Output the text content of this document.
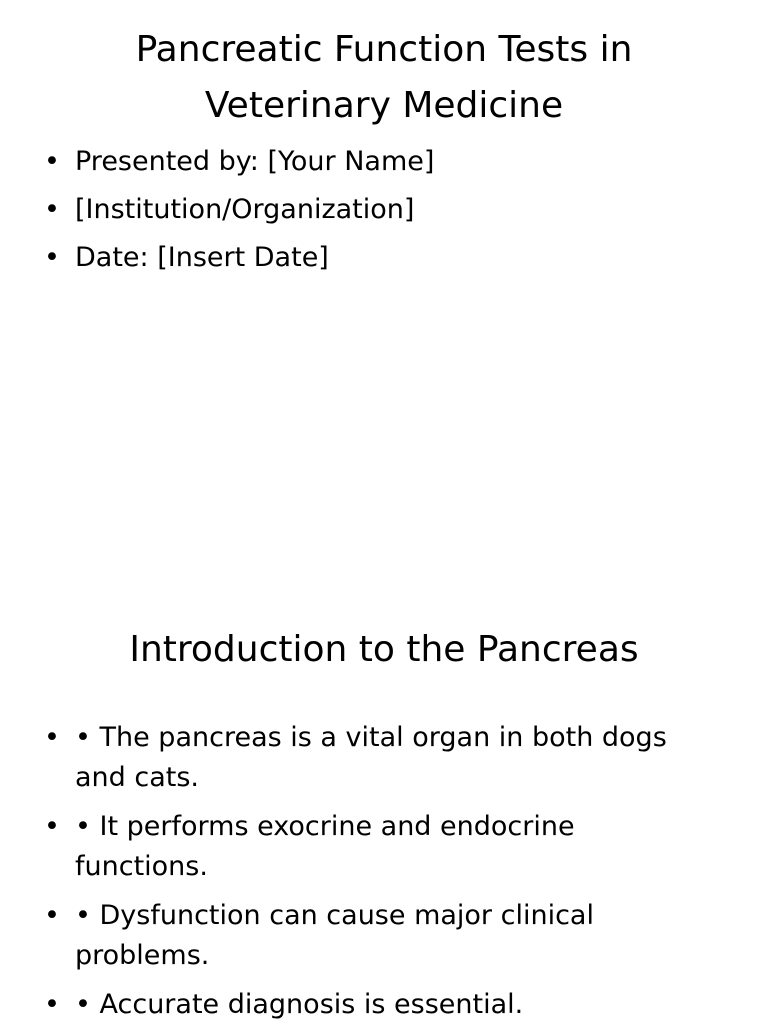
Pancreatic Function Tests in Veterinary Medicine
• Presented by: [Your Name]
• [Institution/Organization]
• Date: [Insert Date]
Introduction to the Pancreas
• • The pancreas is a vital organ in both dogs and cats.
• • It performs exocrine and endocrine functions.
• • Dysfunction can cause major clinical problems.
• • Accurate diagnosis is essential.
